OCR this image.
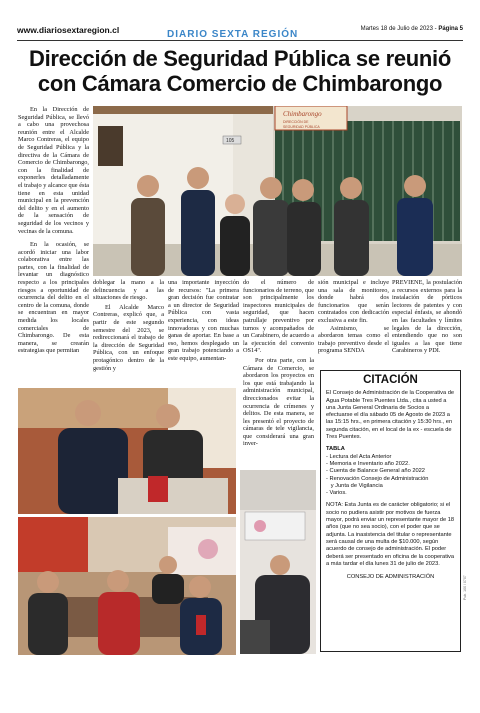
www.diariosextaregion.cl	DIARIO SEXTA REGIÓN	Martes 18 de Julio de 2023 - Página 5
Dirección de Seguridad Pública se reunió
con Cámara Comercio de Chimbarongo

En la Dirección de Seguridad Pública, se llevó a cabo una provechosa reunión entre el Alcalde Marco Contreras, el equipo de Seguridad Pública y la directiva de la Cámara de Comercio de Chimbarongo, con la finalidad de exponerles detalladamente el trabajo y alcance que ésta tiene en esta unidad municipal en la prevención del delito y en el aumento de la sensación de seguridad de los vecinos y vecinas de la comuna.

En la ocasión, se acordó iniciar una labor colaborativa entre las partes, con la finalidad de levantar un diagnóstico respecto a los principales riesgos a oportunidad de ocurrencia del delito en el centro de la comuna, donde se encuentran en mayor medida los locales comerciales de Chimbarongo. De esta manera, se crearán estrategias que permitan

105
Chimbarongo
DIRECCIÓN DE
SEGURIDAD PÚBLICA

doblegar la mano a la delincuencia y a las situaciones de riesgo.

El Alcalde Marco Contreras, explicó que, a partir de este segundo semestre del 2023, se redireccionará el trabajo de la dirección de Seguridad Pública, con un enfoque protagónico dentro de la gestión y

una importante inyección de recursos: "La primera gran decisión fue contratar a un director de Seguridad Pública con vasta experiencia, con ideas innovadoras y con muchas ganas de aportar. En base a eso, hemos desplegado un gran trabajo potenciando a este equipo, aumentan-

do el número de funcionarios de terreno, que son principalmente los inspectores municipales de seguridad, que hacen patrullaje preventivo por turnos y acompañados de un Carabinero, de acuerdo a la ejecución del convenio OS14".

Por otra parte, con la Cámara de Comercio, se abordaron los proyectos en los que está trabajando la administración municipal, direccionados evitar la ocurrencia de crímenes y delitos. De esta manera, se les presentó el proyecto de cámaras de tele vigilancia, que considerará una gran inver-

sión municipal e incluye una sala de monitoreo, donde habrá dos funcionarios que serán contratados con dedicación exclusiva a este fin.

Asimismo, se abordaron temas como el trabajo preventivo desde el programa SENDA

PREVIENE, la postulación a recursos externos para la instalación de pórticos lectores de patentes y con especial énfasis, se ahondó en las facultades y límites legales de la dirección, entendiendo que no son iguales a las que tiene Carabineros y PDI.

CITACIÓN

El Consejo de Administración de la Cooperativa de Agua Potable Tres Puentes Ltda., cita a usted a una Junta General Ordinaria de Socios a efectuarse el día sábado 05 de Agosto de 2023 a las 15:15 hrs., en primera citación y 15:30 hrs., en segunda citación, en el local de la ex - escuela de Tres Puentes.

TABLA

- Lectura del Acta Anterior
- Memoria e Inventario año 2022.
- Cuenta de Balance General año 2022
- Renovación Consejo de Administración
y Junta de Vigilancia
- Varios.

NOTA: Esta Junta es de carácter obligatorio; si el socio no pudiera asistir por motivos de fuerza mayor, podrá enviar un representante mayor de 18 años (que no sea socio), con el poder que se adjunta. La inasistencia del titular o representante será causal de una multa de $10.000, según acuerdo de consejo de administración. El poder deberá ser presentado en oficina de la cooperativa a más tardar el día lunes 31 de julio de 2023.

CONSEJO DE ADMINISTRACIÓN	Pub. 100 / 0707
